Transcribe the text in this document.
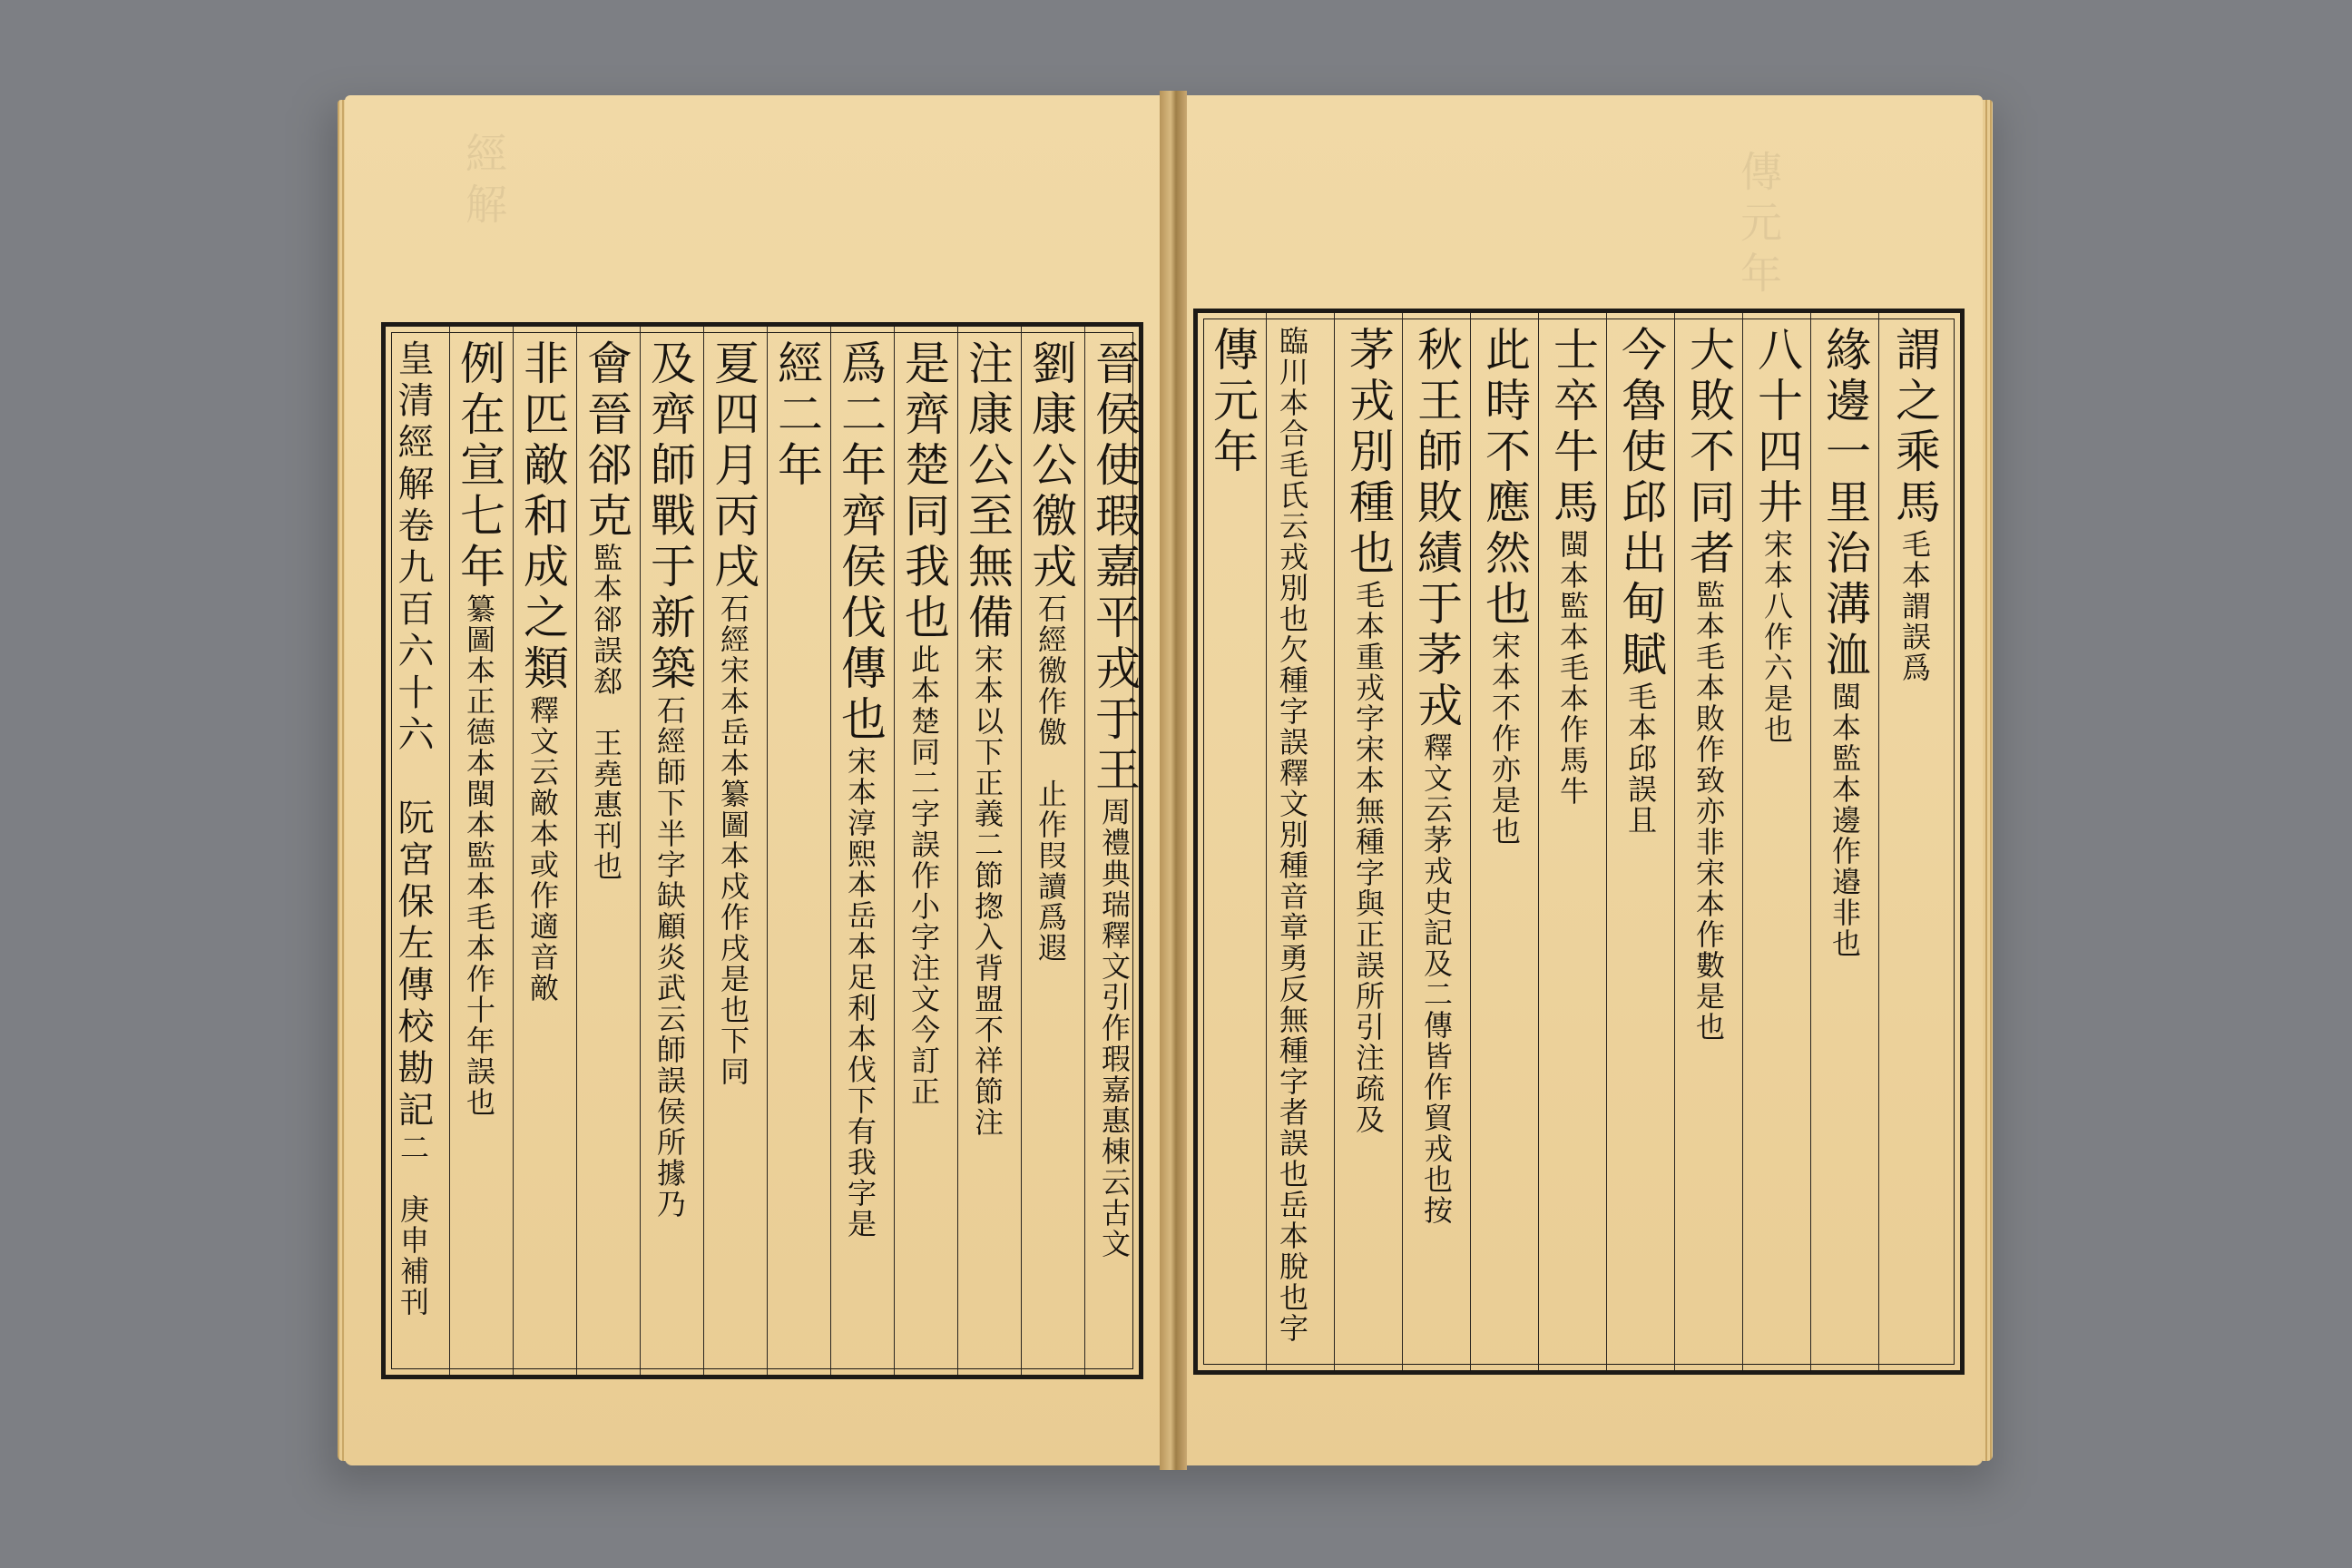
經解	傳元年
晉侯使瑕嘉平戎于王周禮典瑞釋文引作瑕嘉惠棟云古文
劉康公徼戎石經徼作儌　止作叚讀爲遐
注康公至無備宋本以下正義二節揔入背盟不祥節注
是齊楚同我也此本楚同二字誤作小字注文今訂正
爲二年齊侯伐傳也宋本淳熙本岳本足利本伐下有我字是
經二年
夏四月丙戌石經宋本岳本纂圖本戍作戌是也下同
及齊師戰于新築石經師下半字缺顧炎武云師誤侯所據乃
會晉郤克監本郤誤郄　王堯惠刊也
非匹敵和成之類釋文云敵本或作適音敵
例在宣七年纂圖本正德本閩本監本毛本作十年誤也
皇清經解卷九百六十六　阮宮保左傳校勘記二　庚申補刊
謂之乘馬毛本謂誤爲
緣邊一里治溝洫閩本監本邊作邉非也
八十四井宋本八作六是也
大敗不同者監本毛本敗作致亦非宋本作數是也
今魯使邱出甸賦毛本邱誤且
士卒牛馬閩本監本毛本作馬牛
此時不應然也宋本不作亦是也
秋王師敗績于茅戎釋文云茅戎史記及二傳皆作貿戎也按
茅戎別種也毛本重戎字宋本無種字與正誤所引注疏及
臨川本合毛氏云戎別也欠種字誤釋文別種音章勇反無種字者誤也岳本脫也字
傳元年
